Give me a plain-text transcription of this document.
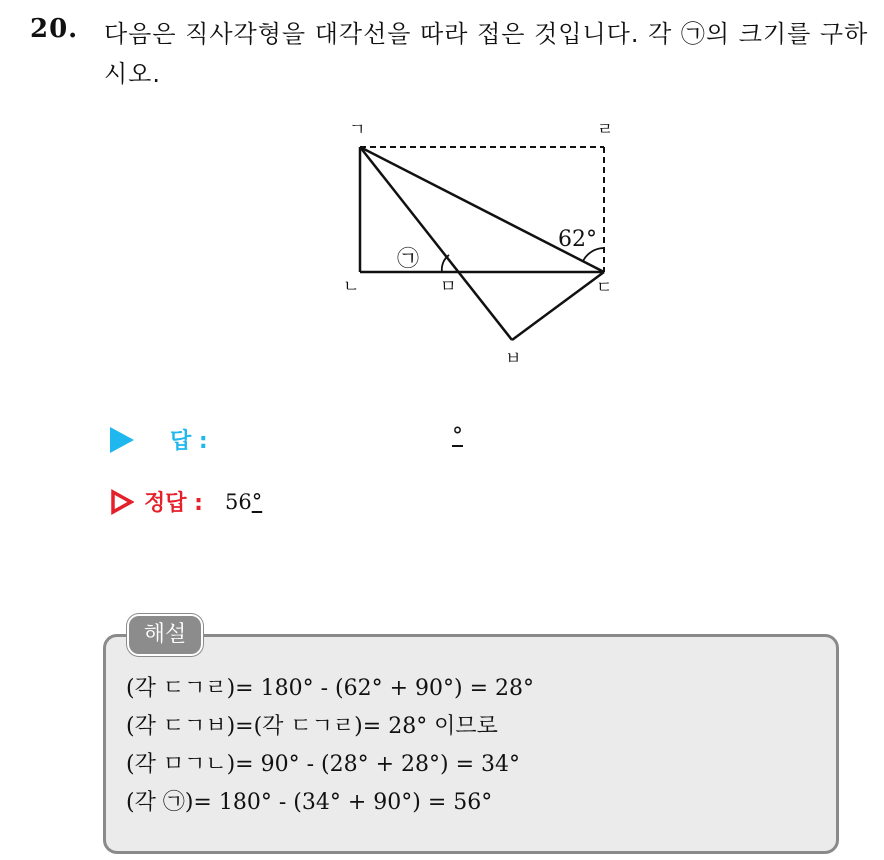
20. 다음은 직사각형을 대각선을 따라 접은 것입니다. 각 ㉠의 크기를 구하시오.
ㄱ	ㄹ
ㄴ	ㅁ	ㄷ
ㅂ
62°
㉠
답 :	°
정답 : 56°
해설
(각 ㄷㄱㄹ)= 180° - (62° + 90°) = 28°
(각 ㄷㄱㅂ)=(각 ㄷㄱㄹ)= 28° 이므로
(각 ㅁㄱㄴ)= 90° - (28° + 28°) = 34°
(각 ㉠)= 180° - (34° + 90°) = 56°
